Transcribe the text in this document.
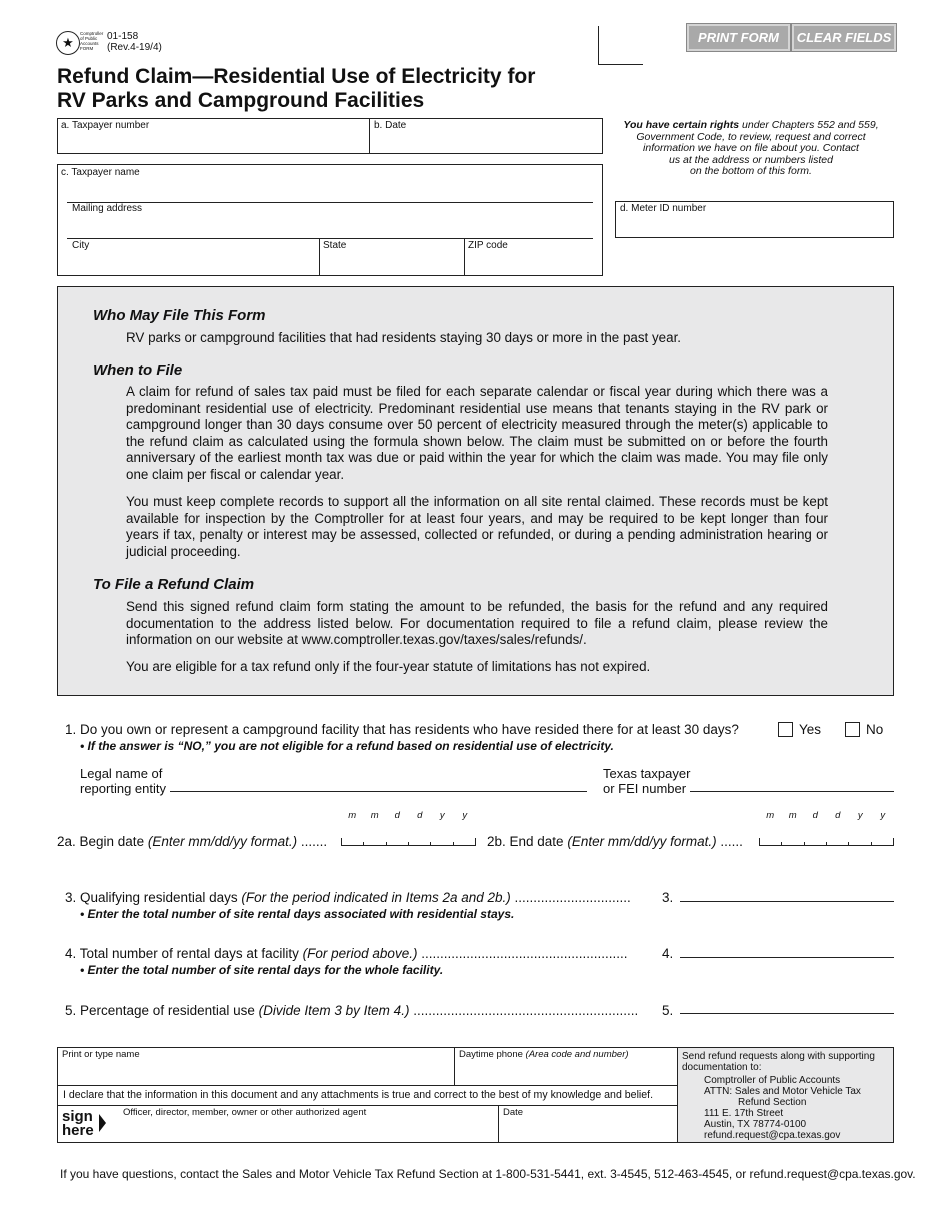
★
Comptroller of Public Accounts FORM
01-158
(Rev.4-19/4)
Refund Claim—Residential Use of Electricity for
RV Parks and Campground Facilities
PRINT FORM	CLEAR FIELDS
a. Taxpayer number	b. Date
c. Taxpayer name
Mailing address
City	State	ZIP code
You have certain rights under Chapters 552 and 559,
Government Code, to review, request and correct
information we have on file about you. Contact
us at the address or numbers listed
on the bottom of this form.
d. Meter ID number
Who May File This Form

RV parks or campground facilities that had residents staying 30 days or more in the past year.

When to File

A claim for refund of sales tax paid must be filed for each separate calendar or fiscal year during which there was a predominant residential use of electricity. Predominant residential use means that tenants staying in the RV park or campground longer than 30 days consume over 50 percent of electricity measured through the meter(s) applicable to the refund claim as calculated using the formula shown below. The claim must be submitted on or before the fourth anniversary of the earliest month tax was due or paid within the year for which the claim was made. You may file only one claim per fiscal or calendar year.

You must keep complete records to support all the information on all site rental claimed. These records must be kept available for inspection by the Comptroller for at least four years, and may be required to be kept longer than four years if tax, penalty or interest may be assessed, collected or refunded, or during a pending administration hearing or judicial proceeding.

To File a Refund Claim

Send this signed refund claim form stating the amount to be refunded, the basis for the refund and any required documentation to the address listed below. For documentation required to file a refund claim, please review the information on our website at www.comptroller.texas.gov/taxes/sales/refunds/.

You are eligible for a tax refund only if the four-year statute of limitations has not expired.

1. Do you own or represent a campground facility that has residents who have resided there for at least 30 days?	Yes	No
• If the answer is “NO,” you are not eligible for a refund based on residential use of electricity.
Legal name of
reporting entity
Texas taxpayer
or FEI number
m	m	d	d	y	y	m	m	d	d	y	y
2a. Begin date (Enter mm/dd/yy format.) .......	2b. End date (Enter mm/dd/yy format.) ......
3. Qualifying residential days (For the period indicated in Items 2a and 2b.) ............................... 3.
• Enter the total number of site rental days associated with residential stays.
4. Total number of rental days at facility (For period above.) .......................................................	4.
• Enter the total number of site rental days for the whole facility.
5. Percentage of residential use (Divide Item 3 by Item 4.) ............................................................ 5.
Print or type name	Daytime phone (Area code and number)
I declare that the information in this document and any attachments is true and correct to the best of my knowledge and belief.
sign
here
Officer, director, member, owner or other authorized agent	Date
Send refund requests along with supporting
documentation to:
Comptroller of Public Accounts
ATTN: Sales and Motor Vehicle Tax
Refund Section
111 E. 17th Street
Austin, TX 78774-0100
refund.request@cpa.texas.gov
If you have questions, contact the Sales and Motor Vehicle Tax Refund Section at 1-800-531-5441, ext. 3-4545, 512-463-4545, or refund.request@cpa.texas.gov.
